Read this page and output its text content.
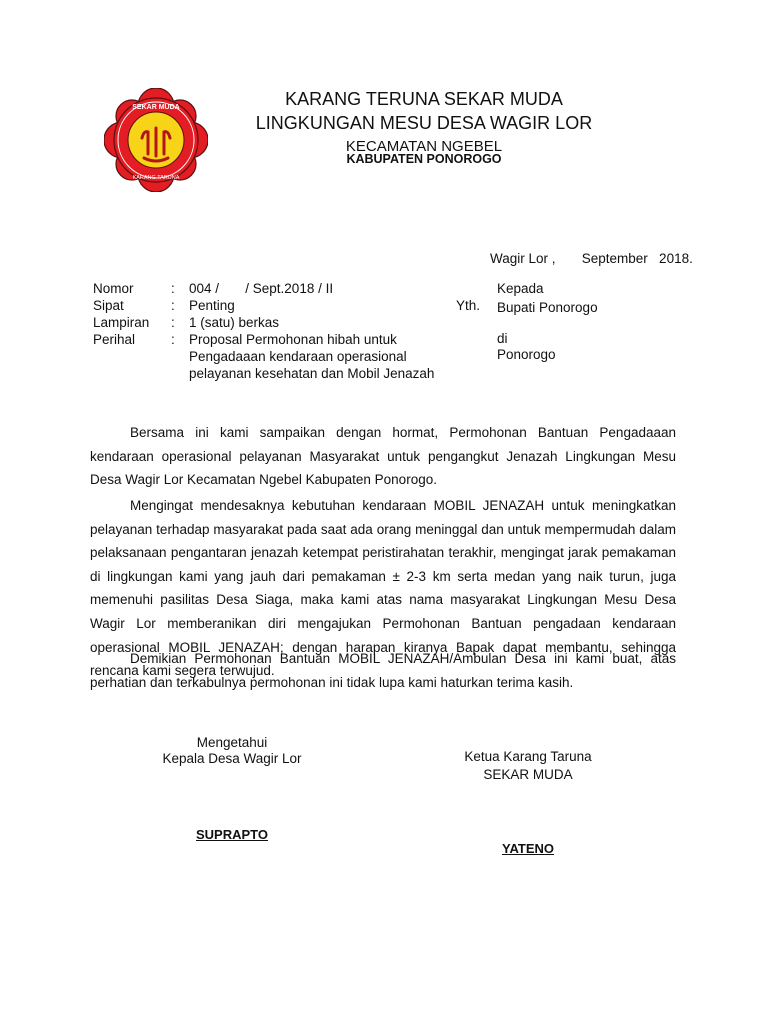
SEKAR MUDA
KARANG TARUNA
KARANG TERUNA SEKAR MUDA
LINGKUNGAN MESU DESA WAGIR LOR
KECAMATAN NGEBEL
KABUPATEN PONOROGO
Wagir Lor ,       September   2018.
Nomor	: 004 /       / Sept.2018 / II
Sipat	: Penting
Lampiran : 1 (satu) berkas
Perihal	: Proposal Permohonan hibah untuk
Pengadaaan kendaraan operasional
pelayanan kesehatan dan Mobil Jenazah
Yth.
Kepada
Bupati Ponorogo
di
Ponorogo

Bersama ini kami sampaikan dengan hormat, Permohonan Bantuan Pengadaaan kendaraan operasional pelayanan Masyarakat untuk pengangkut Jenazah Lingkungan Mesu Desa Wagir Lor Kecamatan Ngebel Kabupaten Ponorogo.

Mengingat mendesaknya kebutuhan kendaraan MOBIL JENAZAH untuk meningkatkan pelayanan terhadap masyarakat pada saat ada orang meninggal dan untuk mempermudah dalam pelaksanaan pengantaran jenazah ketempat peristirahatan terakhir, mengingat jarak pemakaman di lingkungan kami yang jauh dari pemakaman ± 2-3 km serta medan yang naik turun, juga memenuhi pasilitas Desa Siaga, maka kami atas nama masyarakat Lingkungan Mesu Desa Wagir Lor memberanikan diri mengajukan Permohonan Bantuan pengadaan kendaraan operasional MOBIL JENAZAH; dengan harapan kiranya Bapak dapat membantu, sehingga rencana kami segera terwujud.

Demikian Permohonan Bantuan MOBIL JENAZAH/Ambulan Desa ini kami buat, atas perhatian dan terkabulnya permohonan ini tidak lupa kami haturkan terima kasih.

Mengetahui
Kepala Desa Wagir Lor
SUPRAPTO
Ketua Karang Taruna
SEKAR MUDA
YATENO
